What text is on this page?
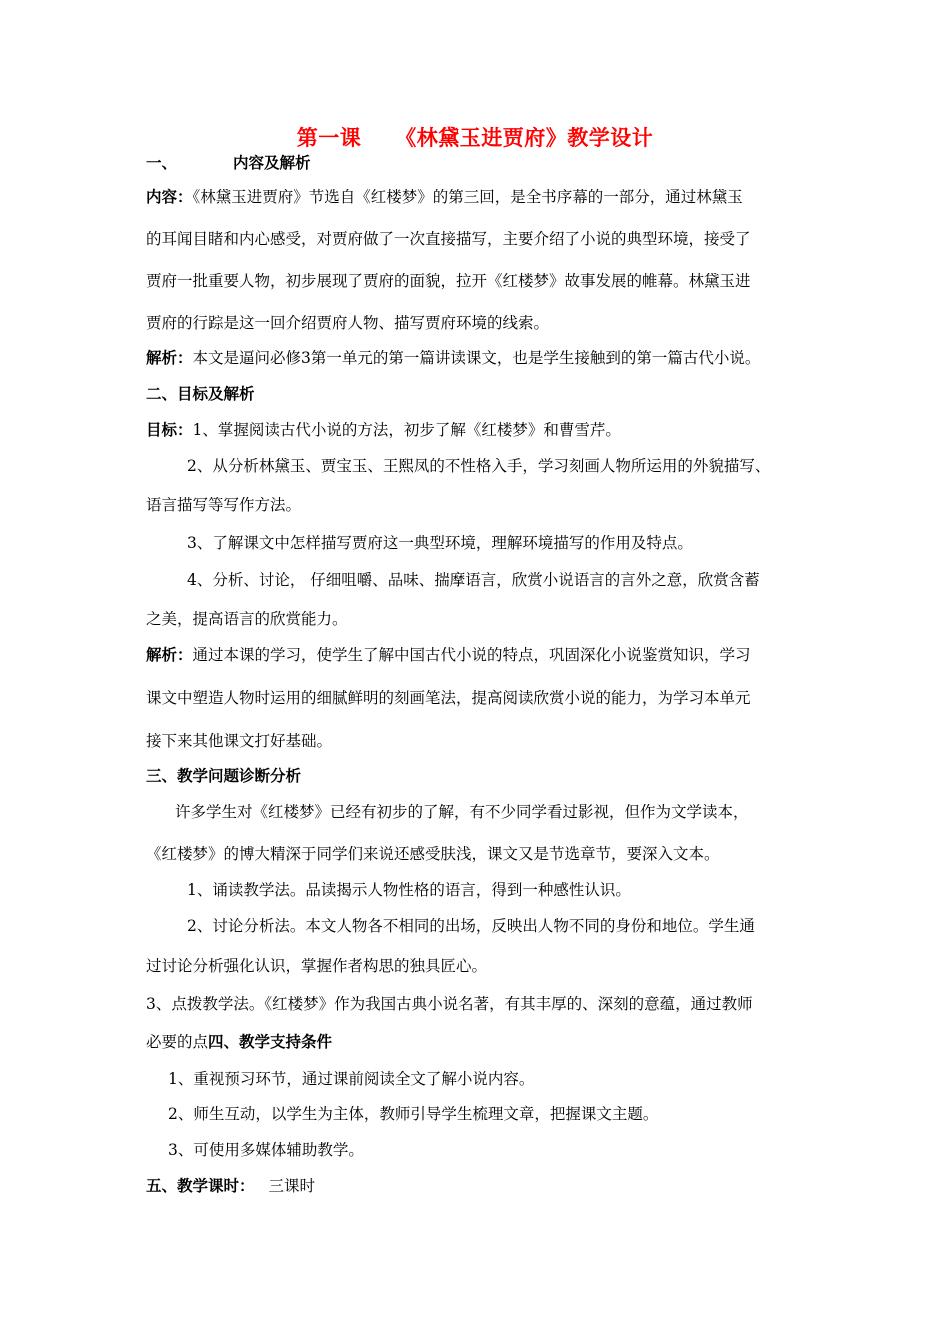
第一课 《林黛玉进贾府》教学设计
一、	内容及解析
内容：《林黛玉进贾府》节选自《红楼梦》的第三回，是全书序幕的一部分，通过林黛玉
的耳闻目睹和内心感受，对贾府做了一次直接描写，主要介绍了小说的典型环境，接受了
贾府一批重要人物，初步展现了贾府的面貌，拉开《红楼梦》故事发展的帷幕。林黛玉进
贾府的行踪是这一回介绍贾府人物、描写贾府环境的线索。
解析：本文是逼问必修3第一单元的第一篇讲读课文，也是学生接触到的第一篇古代小说。
二、目标及解析
目标：1、掌握阅读古代小说的方法，初步了解《红楼梦》和曹雪芹。
2、从分析林黛玉、贾宝玉、王熙凤的不性格入手，学习刻画人物所运用的外貌描写、
语言描写等写作方法。
3、了解课文中怎样描写贾府这一典型环境，理解环境描写的作用及特点。
4、分析、讨论， 仔细咀嚼、品味、揣摩语言，欣赏小说语言的言外之意，欣赏含蓄
之美，提高语言的欣赏能力。
解析：通过本课的学习，使学生了解中国古代小说的特点，巩固深化小说鉴赏知识，学习
课文中塑造人物时运用的细腻鲜明的刻画笔法，提高阅读欣赏小说的能力，为学习本单元
接下来其他课文打好基础。
三、教学问题诊断分析
许多学生对《红楼梦》已经有初步的了解，有不少同学看过影视，但作为文学读本，
《红楼梦》的博大精深于同学们来说还感受肤浅，课文又是节选章节，要深入文本。
1、诵读教学法。品读揭示人物性格的语言，得到一种感性认识。
2、讨论分析法。本文人物各不相同的出场，反映出人物不同的身份和地位。学生通
过讨论分析强化认识，掌握作者构思的独具匠心。
3、点拨教学法。《红楼梦》作为我国古典小说名著，有其丰厚的、深刻的意蕴，通过教师
必要的点四、教学支持条件
1、重视预习环节，通过课前阅读全文了解小说内容。
2、师生互动，以学生为主体，教师引导学生梳理文章，把握课文主题。
3、可使用多媒体辅助教学。
五、教学课时： 三课时
